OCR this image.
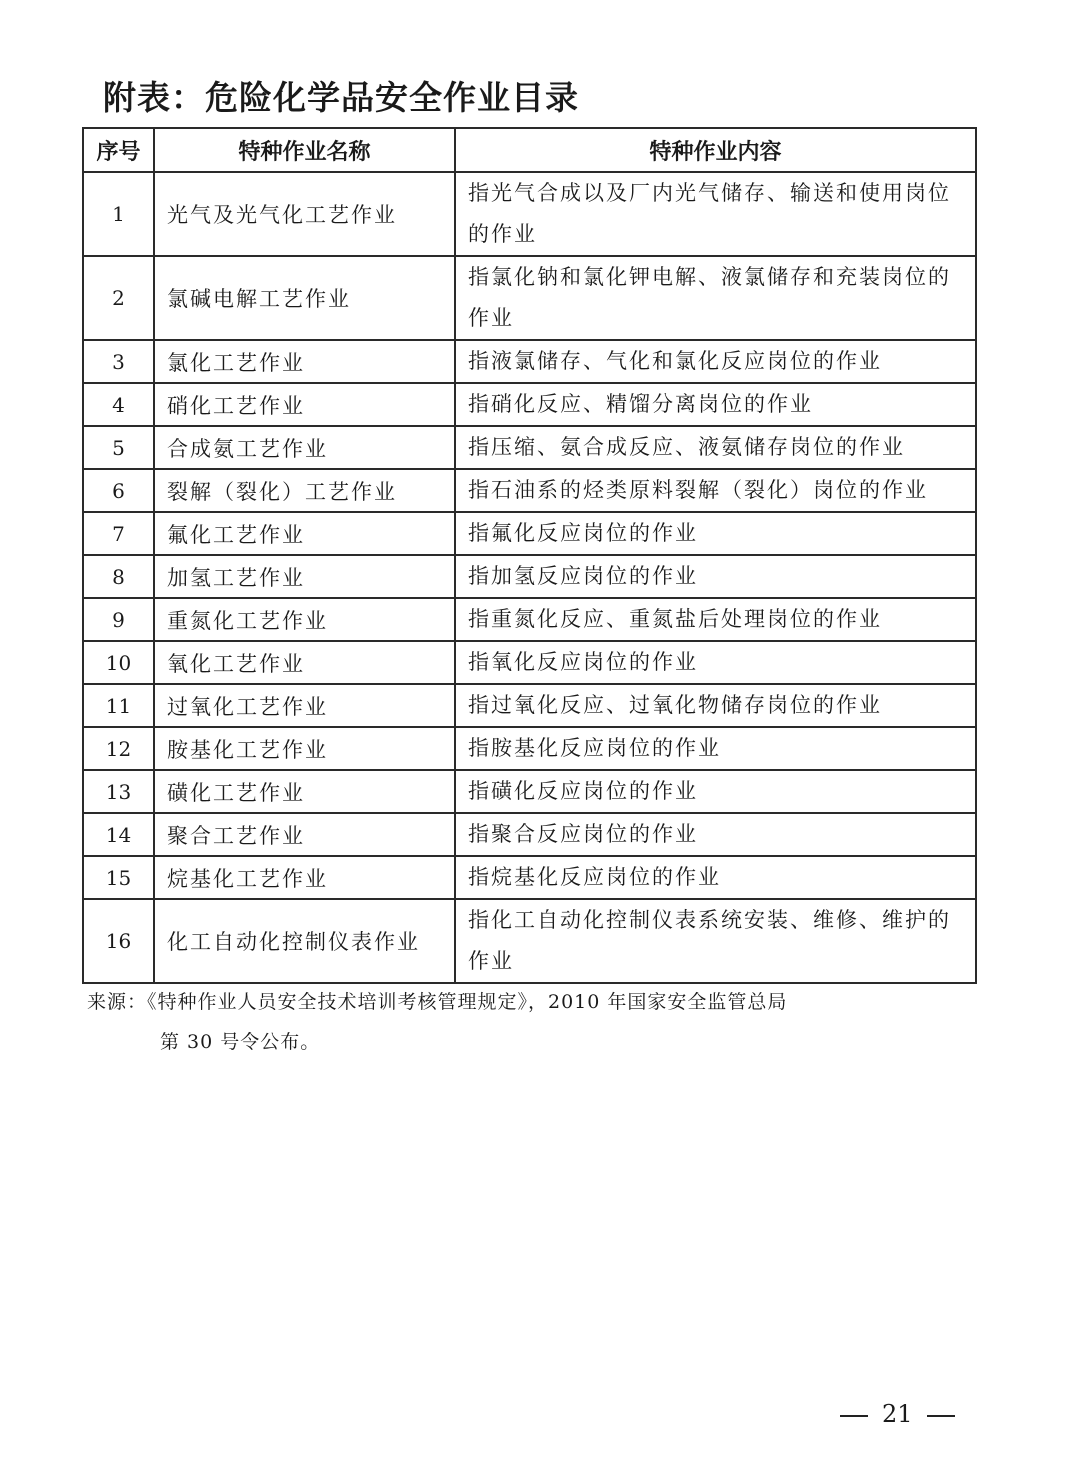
附表：危险化学品安全作业目录
序号	特种作业名称	特种作业内容
1	光气及光气化工艺作业	指光气合成以及厂内光气储存、输送和使用岗位的作业
2	氯碱电解工艺作业	指氯化钠和氯化钾电解、液氯储存和充装岗位的作业
3	氯化工艺作业	指液氯储存、气化和氯化反应岗位的作业
4	硝化工艺作业	指硝化反应、精馏分离岗位的作业
5	合成氨工艺作业	指压缩、氨合成反应、液氨储存岗位的作业
6	裂解（裂化）工艺作业	指石油系的烃类原料裂解（裂化）岗位的作业
7	氟化工艺作业	指氟化反应岗位的作业
8	加氢工艺作业	指加氢反应岗位的作业
9	重氮化工艺作业	指重氮化反应、重氮盐后处理岗位的作业
10	氧化工艺作业	指氧化反应岗位的作业
11	过氧化工艺作业	指过氧化反应、过氧化物储存岗位的作业
12	胺基化工艺作业	指胺基化反应岗位的作业
13	磺化工艺作业	指磺化反应岗位的作业
14	聚合工艺作业	指聚合反应岗位的作业
15	烷基化工艺作业	指烷基化反应岗位的作业
16	化工自动化控制仪表作业	指化工自动化控制仪表系统安装、维修、维护的作业
来源：《特种作业人员安全技术培训考核管理规定》，2010 年国家安全监管总局
第 30 号令公布。
21
